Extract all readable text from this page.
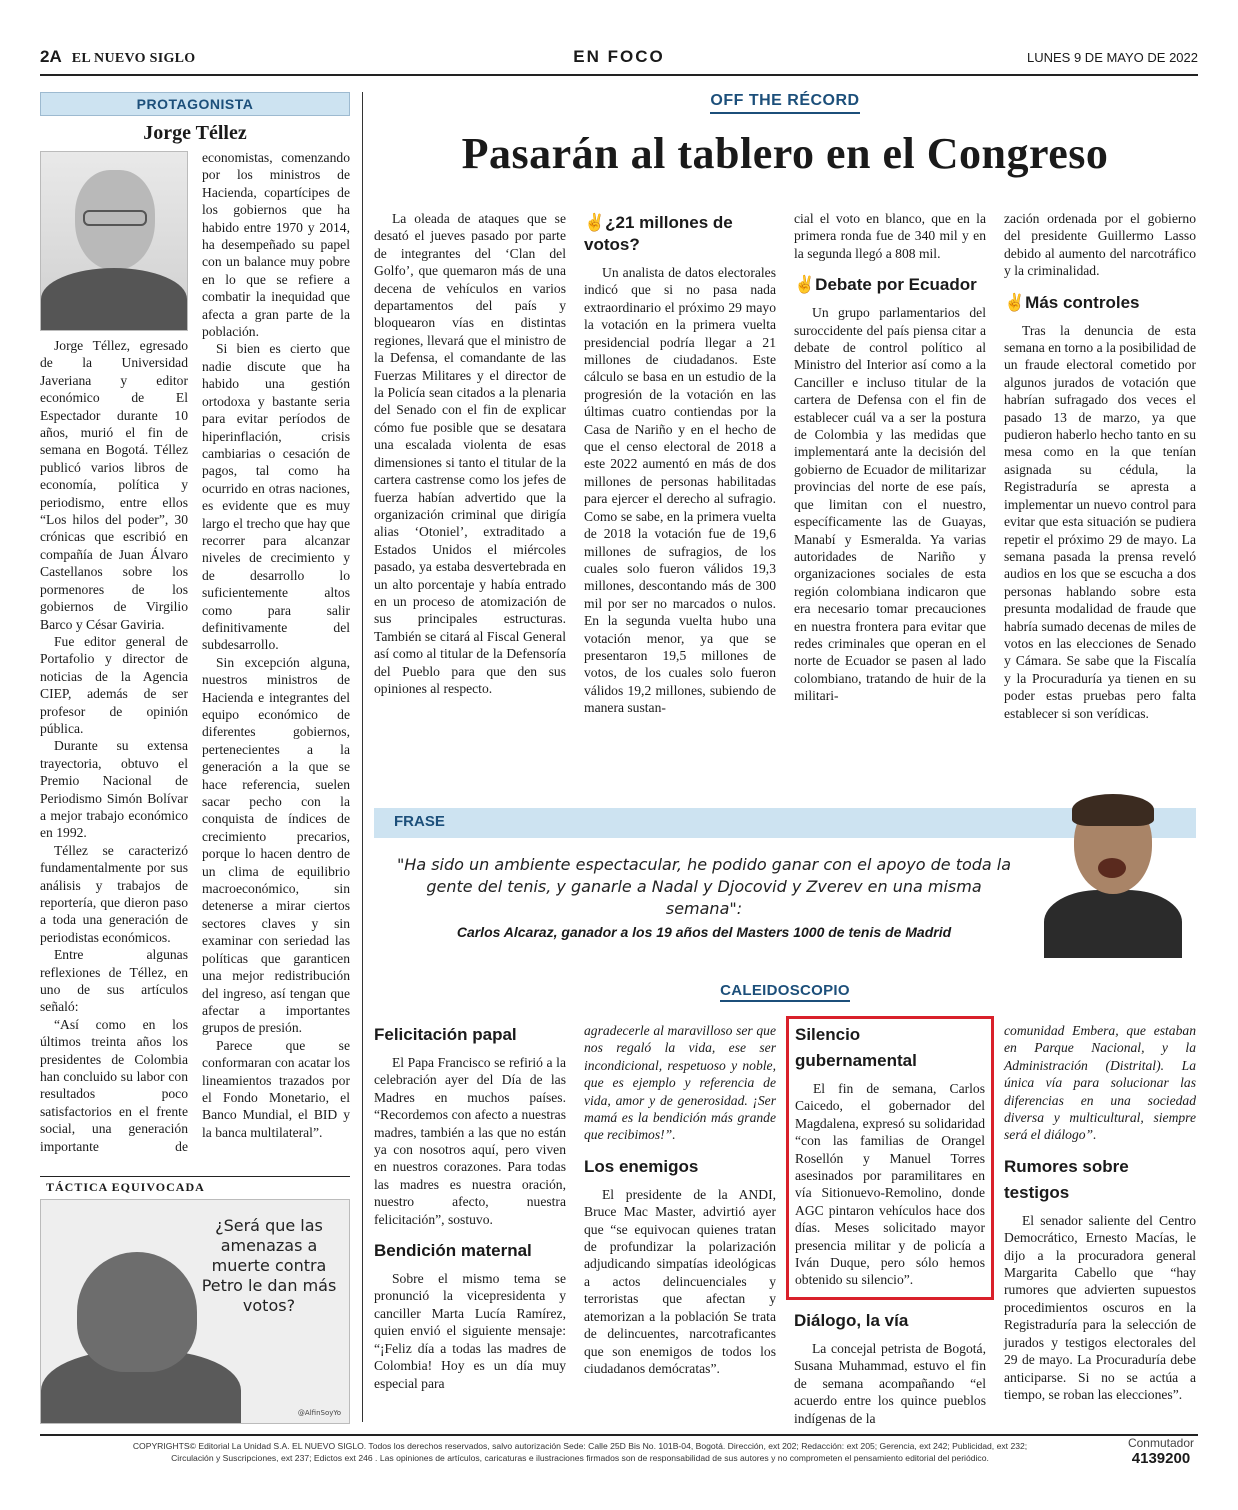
2A EL NUEVO SIGLO	EN FOCO	LUNES 9 DE MAYO DE 2022
PROTAGONISTA
Jorge Téllez

Jorge Téllez, egresado de la Universidad Javeriana y editor económico de El Espectador durante 10 años, murió el fin de semana en Bogotá. Téllez publicó varios libros de economía, política y periodismo, entre ellos “Los hilos del poder”, 30 crónicas que escribió en compañía de Juan Álvaro Castellanos sobre los pormenores de los gobiernos de Virgilio Barco y César Gaviria.

Fue editor general de Portafolio y director de noticias de la Agencia CIEP, además de ser profesor de opinión pública.

Durante su extensa trayectoria, obtuvo el Premio Nacional de Periodismo Simón Bolívar a mejor trabajo económico en 1992.

Téllez se caracterizó fundamentalmente por sus análisis y trabajos de reportería, que dieron paso a toda una generación de periodistas económicos.

Entre algunas reflexiones de Téllez, en uno de sus artículos señaló:

“Así como en los últimos treinta años los presidentes de Colombia han concluido su labor con resultados poco satisfactorios en el frente social, una generación importante de economistas, comenzando por los ministros de Hacienda, copartícipes de los gobiernos que ha habido entre 1970 y 2014, ha desempeñado su papel con un balance muy pobre en lo que se refiere a combatir la inequidad que afecta a gran parte de la población.

Si bien es cierto que nadie discute que ha habido una gestión ortodoxa y bastante seria para evitar períodos de hiperinflación, crisis cambiarias o cesación de pagos, tal como ha ocurrido en otras naciones, es evidente que es muy largo el trecho que hay que recorrer para alcanzar niveles de crecimiento y de desarrollo lo suficientemente altos como para salir definitivamente del subdesarrollo.

Sin excepción alguna, nuestros ministros de Hacienda e integrantes del equipo económico de diferentes gobiernos, pertenecientes a la generación a la que se hace referencia, suelen sacar pecho con la conquista de índices de crecimiento precarios, porque lo hacen dentro de un clima de equilibrio macroeconómico, sin detenerse a mirar ciertos sectores claves y sin examinar con seriedad las políticas que garanticen una mejor redistribución del ingreso, así tengan que afectar a importantes grupos de presión.

Parece que se conformaran con acatar los lineamientos trazados por el Fondo Monetario, el Banco Mundial, el BID y la banca multilateral”.

TÁCTICA EQUIVOCADA
¿Será que las amenazas a muerte contra Petro le dan más votos?
@AlfinSoyYo
OFF THE RÉCORD
Pasarán al tablero en el Congreso

La oleada de ataques que se desató el jueves pasado por parte de integrantes del ‘Clan del Golfo’, que quemaron más de una decena de vehículos en varios departamentos del país y bloquearon vías en distintas regiones, llevará que el ministro de la Defensa, el comandante de las Fuerzas Militares y el director de la Policía sean citados a la plenaria del Senado con el fin de explicar cómo fue posible que se desatara una escalada violenta de esas dimensiones si tanto el titular de la cartera castrense como los jefes de fuerza habían advertido que la organización criminal que dirigía alias ‘Otoniel’, extraditado a Estados Unidos el miércoles pasado, ya estaba desvertebrada en un alto porcentaje y había entrado en un proceso de atomización de sus principales estructuras. También se citará al Fiscal General así como al titular de la Defensoría del Pueblo para que den sus opiniones al respecto.

✌¿21 millones de votos?

Un analista de datos electorales indicó que si no pasa nada extraordinario el próximo 29 mayo la votación en la primera vuelta presidencial podría llegar a 21 millones de ciudadanos. Este cálculo se basa en un estudio de la progresión de la votación en las últimas cuatro contiendas por la Casa de Nariño y en el hecho de que el censo electoral de 2018 a este 2022 aumentó en más de dos millones de personas habilitadas para ejercer el derecho al sufragio. Como se sabe, en la primera vuelta de 2018 la votación fue de 19,6 millones de sufragios, de los cuales solo fueron válidos 19,3 millones, descontando más de 300 mil por ser no marcados o nulos. En la segunda vuelta hubo una votación menor, ya que se presentaron 19,5 millones de votos, de los cuales solo fueron válidos 19,2 millones, subiendo de manera sustan-

cial el voto en blanco, que en la primera ronda fue de 340 mil y en la segunda llegó a 808 mil.

✌Debate por Ecuador

Un grupo parlamentarios del suroccidente del país piensa citar a debate de control político al Ministro del Interior así como a la Canciller e incluso titular de la cartera de Defensa con el fin de establecer cuál va a ser la postura de Colombia y las medidas que implementará ante la decisión del gobierno de Ecuador de militarizar provincias del norte de ese país, que limitan con el nuestro, específicamente las de Guayas, Manabí y Esmeralda. Ya varias autoridades de Nariño y organizaciones sociales de esta región colombiana indicaron que era necesario tomar precauciones en nuestra frontera para evitar que redes criminales que operan en el norte de Ecuador se pasen al lado colombiano, tratando de huir de la militari-

zación ordenada por el gobierno del presidente Guillermo Lasso debido al aumento del narcotráfico y la criminalidad.

✌Más controles

Tras la denuncia de esta semana en torno a la posibilidad de un fraude electoral cometido por algunos jurados de votación que habrían sufragado dos veces el pasado 13 de marzo, ya que pudieron haberlo hecho tanto en su mesa como en la que tenían asignada su cédula, la Registraduría se apresta a implementar un nuevo control para evitar que esta situación se pudiera repetir el próximo 29 de mayo. La semana pasada la prensa reveló audios en los que se escucha a dos personas hablando sobre esta presunta modalidad de fraude que habría sumado decenas de miles de votos en las elecciones de Senado y Cámara. Se sabe que la Fiscalía y la Procuraduría ya tienen en su poder estas pruebas pero falta establecer si son verídicas.

FRASE
"Ha sido un ambiente espectacular, he podido ganar con el apoyo de toda la gente del tenis, y ganarle a Nadal y Djocovid y Zverev en una misma semana":
Carlos Alcaraz, ganador a los 19 años del Masters 1000 de tenis de Madrid
CALEIDOSCOPIO
Felicitación papal

El Papa Francisco se refirió a la celebración ayer del Día de las Madres en muchos países. “Recordemos con afecto a nuestras madres, también a las que no están ya con nosotros aquí, pero viven en nuestros corazones. Para todas las madres es nuestra oración, nuestro afecto, nuestra felicitación”, sostuvo.

Bendición maternal

Sobre el mismo tema se pronunció la vicepresidenta y canciller Marta Lucía Ramírez, quien envió el siguiente mensaje: “¡Feliz día a todas las madres de Colombia! Hoy es un día muy especial para

agradecerle al maravilloso ser que nos regaló la vida, ese ser incondicional, respetuoso y noble, que es ejemplo y referencia de vida, amor y de generosidad. ¡Ser mamá es la bendición más grande que recibimos!”.

Los enemigos

El presidente de la ANDI, Bruce Mac Master, advirtió ayer que “se equivocan quienes tratan de profundizar la polarización adjudicando simpatías ideológicas a actos delincuenciales y terroristas que afectan y atemorizan a la población Se trata de delincuentes, narcotraficantes que son enemigos de todos los ciudadanos demócratas”.

Silencio gubernamental

El fin de semana, Carlos Caicedo, el gobernador del Magdalena, expresó su solidaridad “con las familias de Orangel Rosellón y Manuel Torres asesinados por paramilitares en vía Sitionuevo-Remolino, donde AGC pintaron vehículos hace dos días. Meses solicitado mayor presencia militar y de policía a Iván Duque, pero sólo hemos obtenido su silencio”.

Diálogo, la vía

La concejal petrista de Bogotá, Susana Muhammad, estuvo el fin de semana acompañando “el acuerdo entre los quince pueblos indígenas de la

comunidad Embera, que estaban en Parque Nacional, y la Administración (Distrital). La única vía para solucionar las diferencias en una sociedad diversa y multicultural, siempre será el diálogo”.

Rumores sobre testigos

El senador saliente del Centro Democrático, Ernesto Macías, le dijo a la procuradora general Margarita Cabello que “hay rumores que advierten supuestos procedimientos oscuros en la Registraduría para la selección de jurados y testigos electorales del 29 de mayo. La Procuraduría debe anticiparse. Si no se actúa a tiempo, se roban las elecciones”.

COPYRIGHTS© Editorial La Unidad S.A. EL NUEVO SIGLO. Todos los derechos reservados, salvo autorización Sede: Calle 25D Bis No. 101B-04, Bogotá. Dirección, ext 202; Redacción: ext 205; Gerencia, ext 242; Publicidad, ext 232;
Circulación y Suscripciones, ext 237; Edictos ext 246 . Las opiniones de artículos, caricaturas e ilustraciones firmados son de responsabilidad de sus autores y no comprometen el pensamiento editorial del periódico.
Conmutador
4139200
